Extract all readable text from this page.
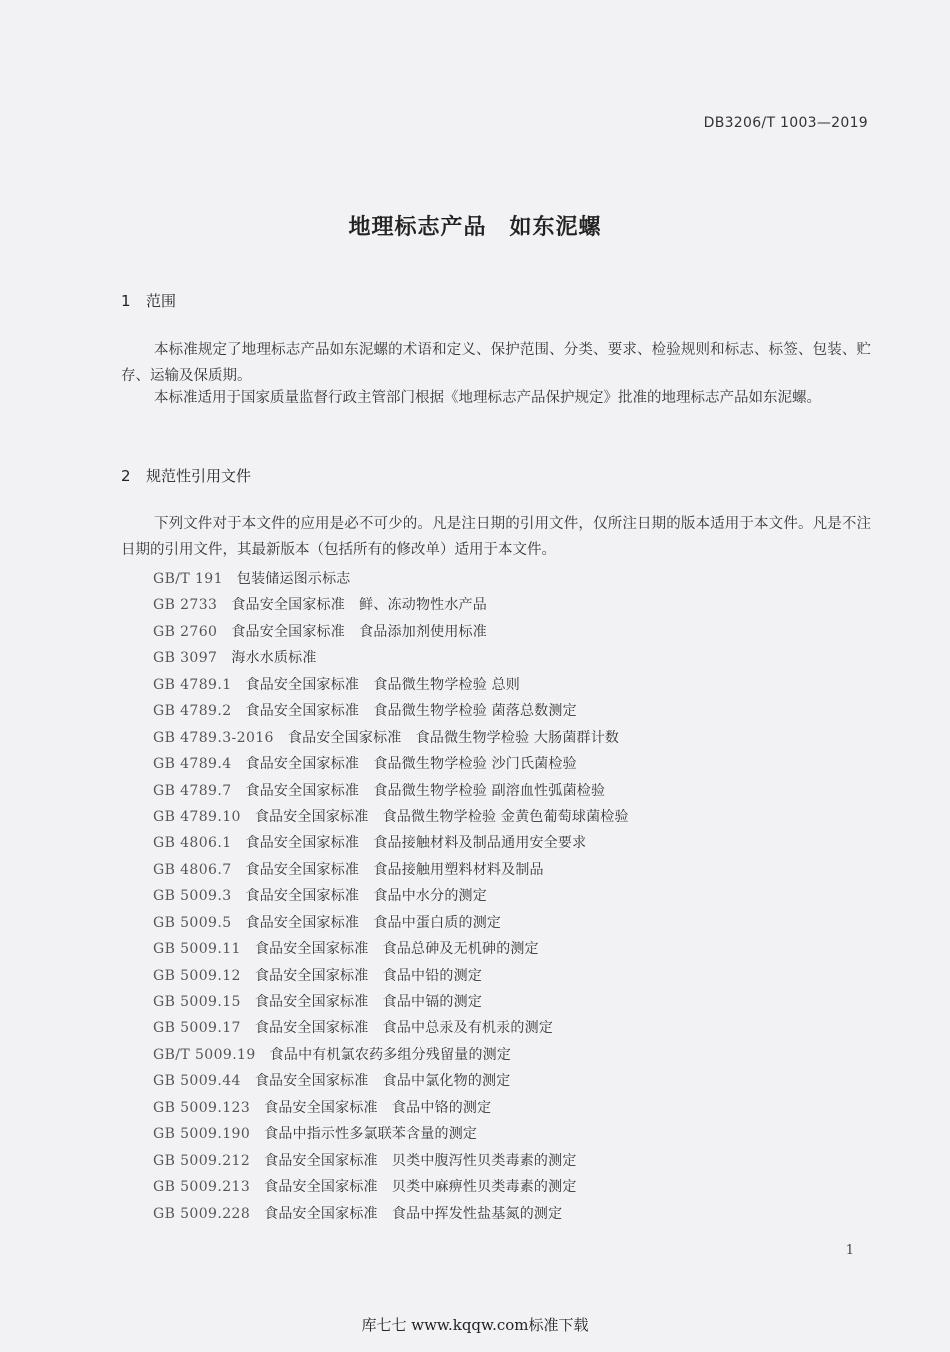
DB3206/T 1003—2019
地理标志产品　如东泥螺
1 范围
本标准规定了地理标志产品如东泥螺的术语和定义、保护范围、分类、要求、检验规则和标志、标签、包装、贮存、运输及保质期。
本标准适用于国家质量监督行政主管部门根据《地理标志产品保护规定》批准的地理标志产品如东泥螺。
2 规范性引用文件
下列文件对于本文件的应用是必不可少的。凡是注日期的引用文件，仅所注日期的版本适用于本文件。凡是不注日期的引用文件，其最新版本（包括所有的修改单）适用于本文件。
GB/T 191 包装储运图示标志
GB 2733 食品安全国家标准　鲜、冻动物性水产品
GB 2760 食品安全国家标准　食品添加剂使用标准
GB 3097 海水水质标准
GB 4789.1 食品安全国家标准　食品微生物学检验 总则
GB 4789.2 食品安全国家标准　食品微生物学检验 菌落总数测定
GB 4789.3-2016 食品安全国家标准　食品微生物学检验 大肠菌群计数
GB 4789.4 食品安全国家标准　食品微生物学检验 沙门氏菌检验
GB 4789.7 食品安全国家标准　食品微生物学检验 副溶血性弧菌检验
GB 4789.10 食品安全国家标准　食品微生物学检验 金黄色葡萄球菌检验
GB 4806.1 食品安全国家标准　食品接触材料及制品通用安全要求
GB 4806.7 食品安全国家标准　食品接触用塑料材料及制品
GB 5009.3 食品安全国家标准　食品中水分的测定
GB 5009.5 食品安全国家标准　食品中蛋白质的测定
GB 5009.11 食品安全国家标准　食品总砷及无机砷的测定
GB 5009.12 食品安全国家标准　食品中铅的测定
GB 5009.15 食品安全国家标准　食品中镉的测定
GB 5009.17 食品安全国家标准　食品中总汞及有机汞的测定
GB/T 5009.19 食品中有机氯农药多组分残留量的测定
GB 5009.44 食品安全国家标准　食品中氯化物的测定
GB 5009.123 食品安全国家标准　食品中铬的测定
GB 5009.190 食品中指示性多氯联苯含量的测定
GB 5009.212 食品安全国家标准　贝类中腹泻性贝类毒素的测定
GB 5009.213 食品安全国家标准　贝类中麻痹性贝类毒素的测定
GB 5009.228 食品安全国家标准　食品中挥发性盐基氮的测定
1
库七七 www.kqqw.com标准下载
